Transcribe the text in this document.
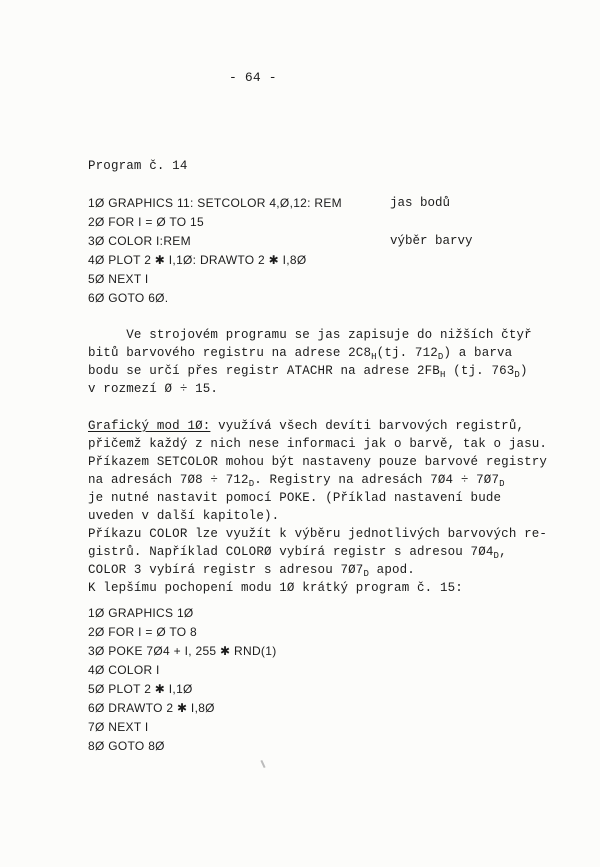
- 64 -
Program č. 14
1Ø GRAPHICS 11: SETCOLOR 4,Ø,12: REM	jas bodů
2Ø FOR I = Ø TO 15
3Ø COLOR I:REM	výběr barvy
4Ø PLOT 2 ✱ I,1Ø: DRAWTO 2 ✱ I,8Ø
5Ø NEXT I
6Ø GOTO 6Ø.
Ve strojovém programu se jas zapisuje do nižších čtyř
bitů barvového registru na adrese $2C8_H(tj$. $712_D$) a barva
bodu se určí přes registr ATACHR na adrese $2FB_H$ (tj. $763_D$)
v rozmezí Ø ÷ 15.
Grafický mod 1Ø: využívá všech devíti barvových registrů,
přičemž každý z nich nese informaci jak o barvě, tak o jasu.
Příkazem SETCOLOR mohou být nastaveny pouze barvové registry
na adresách 7Ø8 ÷ $712_D$. Registry na adresách 7Ø4 ÷ $7Ø7_D$
je nutné nastavit pomocí POKE. (Příklad nastavení bude
uveden v další kapitole).
Příkazu COLOR lze využít k výběru jednotlivých barvových re-
gistrů. Například COLORØ vybírá registr s adresou $7Ø4_D$,
COLOR 3 vybírá registr s adresou $7Ø7_D$ apod.
K lepšímu pochopení modu 1Ø krátký program č. 15:
1Ø GRAPHICS 1Ø
2Ø FOR I = Ø TO 8
3Ø POKE 7Ø4 + I, 255 ✱ RND(1)
4Ø COLOR I
5Ø PLOT 2 ✱ I,1Ø
6Ø DRAWTO 2 ✱ I,8Ø
7Ø NEXT I
8Ø GOTO 8Ø
